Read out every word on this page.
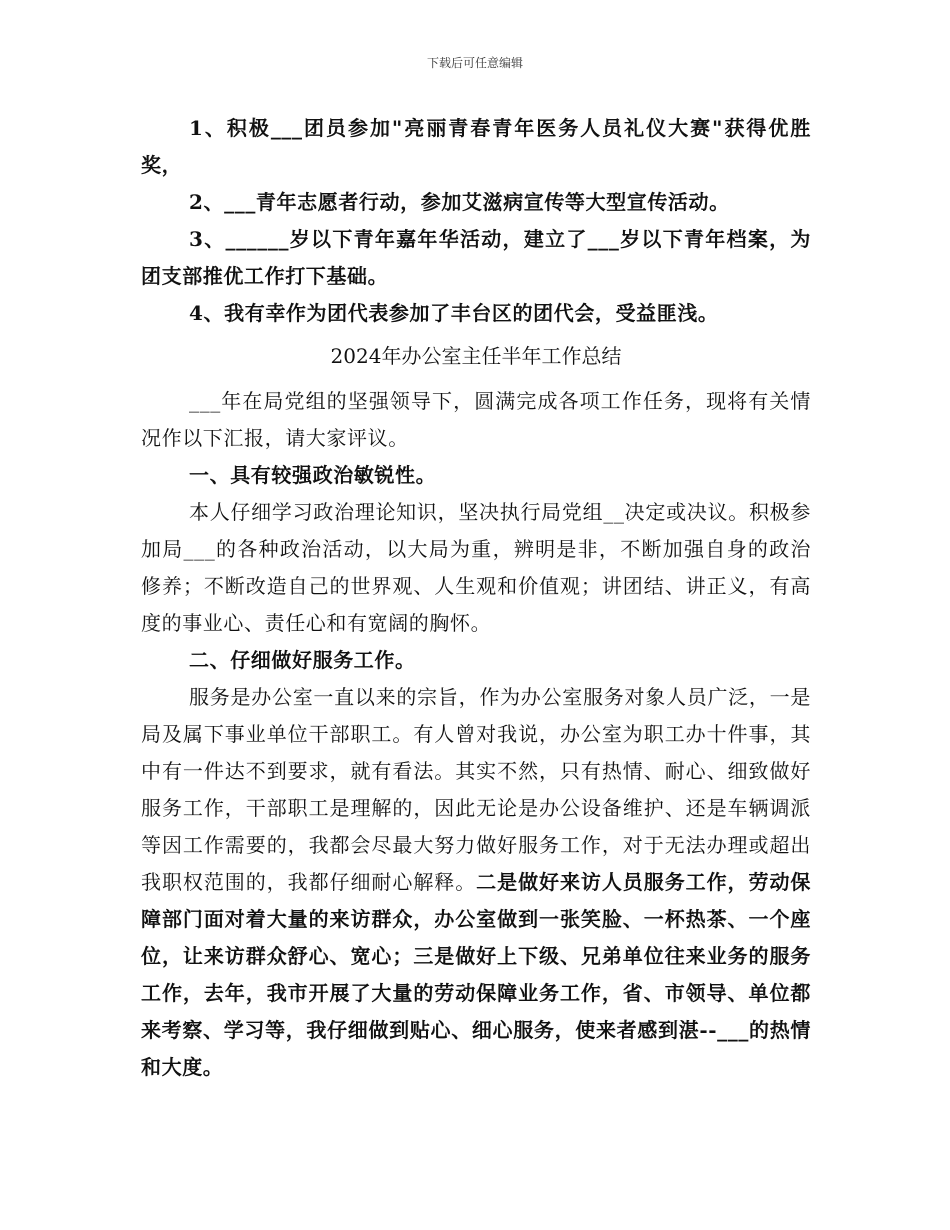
下载后可任意编辑

1、积极___团员参加"亮丽青春青年医务人员礼仪大赛"获得优胜奖，

2、___青年志愿者行动，参加艾滋病宣传等大型宣传活动。

3、______岁以下青年嘉年华活动，建立了___岁以下青年档案，为团支部推优工作打下基础。

4、我有幸作为团代表参加了丰台区的团代会，受益匪浅。

2024年办公室主任半年工作总结

___年在局党组的坚强领导下，圆满完成各项工作任务，现将有关情况作以下汇报，请大家评议。

一、具有较强政治敏锐性。

本人仔细学习政治理论知识，坚决执行局党组__决定或决议。积极参加局___的各种政治活动，以大局为重，辨明是非，不断加强自身的政治修养；不断改造自己的世界观、人生观和价值观；讲团结、讲正义，有高度的事业心、责任心和有宽阔的胸怀。

二、仔细做好服务工作。

服务是办公室一直以来的宗旨，作为办公室服务对象人员广泛，一是局及属下事业单位干部职工。有人曾对我说，办公室为职工办十件事，其中有一件达不到要求，就有看法。其实不然，只有热情、耐心、细致做好服务工作，干部职工是理解的，因此无论是办公设备维护、还是车辆调派等因工作需要的，我都会尽最大努力做好服务工作，对于无法办理或超出我职权范围的，我都仔细耐心解释。二是做好来访人员服务工作，劳动保障部门面对着大量的来访群众，办公室做到一张笑脸、一杯热茶、一个座位，让来访群众舒心、宽心；三是做好上下级、兄弟单位往来业务的服务工作，去年，我市开展了大量的劳动保障业务工作，省、市领导、单位都来考察、学习等，我仔细做到贴心、细心服务，使来者感到湛--___的热情和大度。
